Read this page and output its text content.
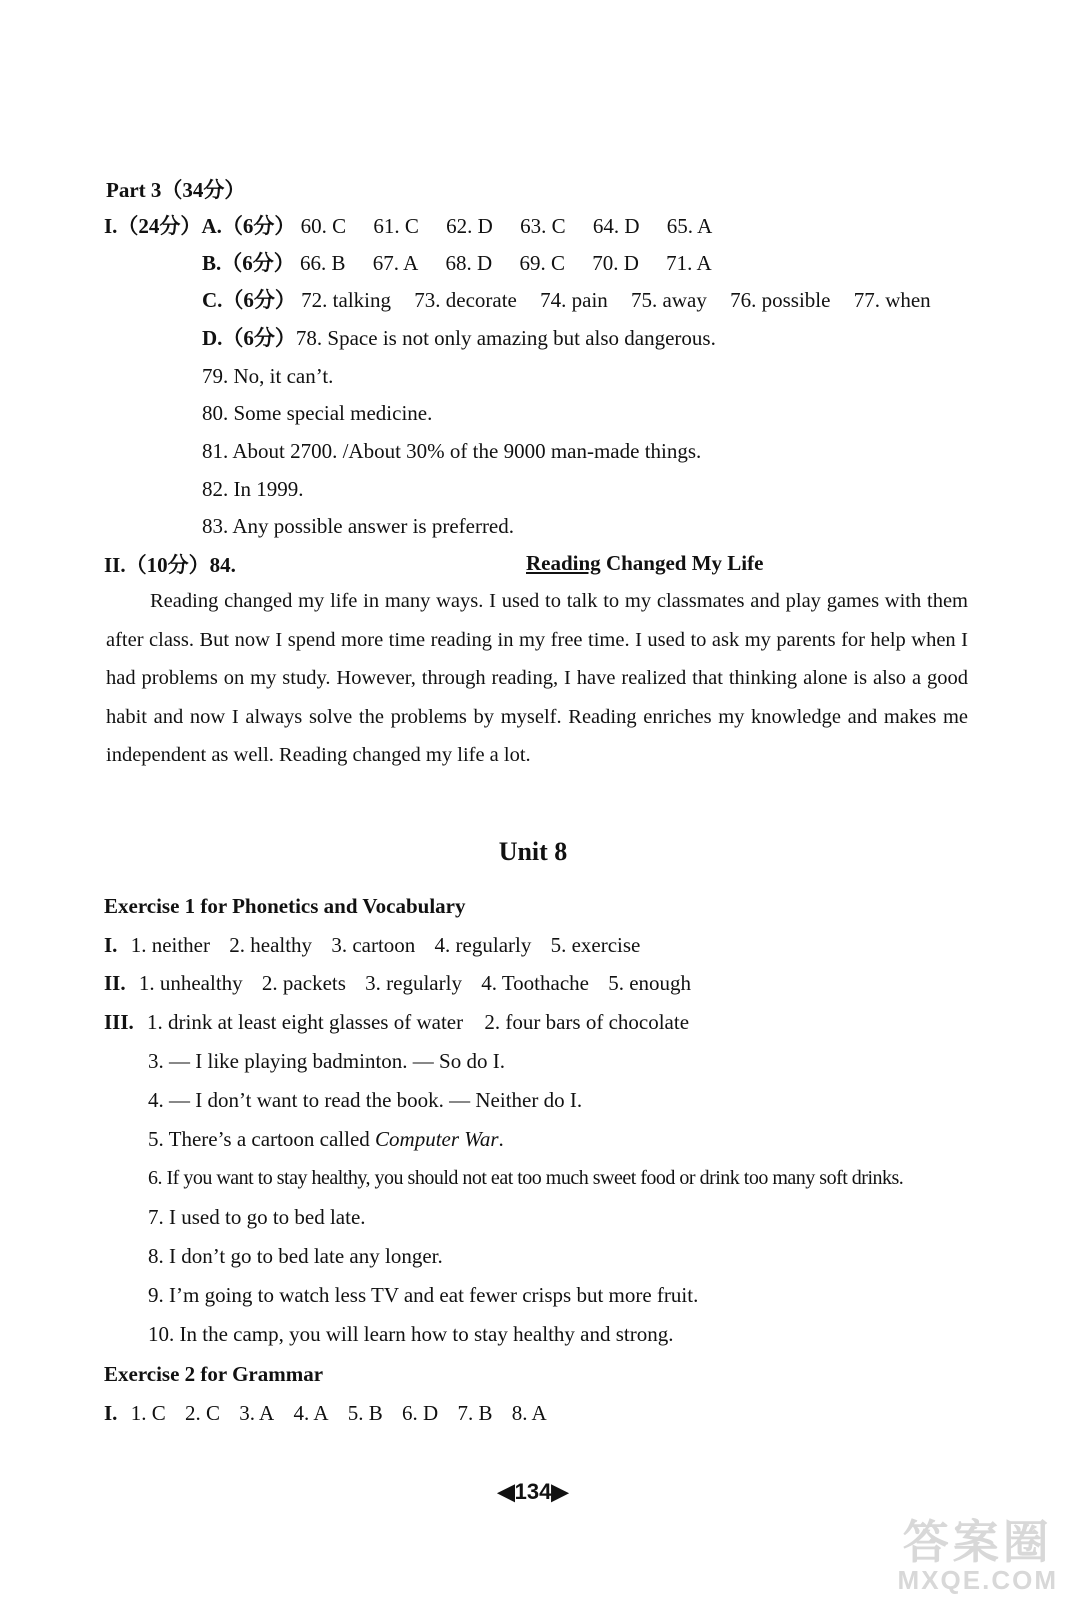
Part 3（34分）
I.（24分）A.（6分） 60. C 61. C 62. D 63. C 64. D 65. A
B.（6分） 66. B 67. A 68. D 69. C 70. D 71. A
C.（6分） 72. talking 73. decorate 74. pain 75. away 76. possible 77. when
D.（6分）78. Space is not only amazing but also dangerous.
79. No, it can’t.
80. Some special medicine.
81. About 2700. /About 30% of the 9000 man-made things.
82. In 1999.
83. Any possible answer is preferred.
II.（10分）84.	Reading Changed My Life
Reading changed my life in many ways. I used to talk to my classmates and play games with them after class. But now I spend more time reading in my free time. I used to ask my parents for help when I had problems on my study. However, through reading, I have realized that thinking alone is also a good habit and now I always solve the problems by myself. Reading enriches my knowledge and makes me independent as well. Reading changed my life a lot.
Unit 8
Exercise 1 for Phonetics and Vocabulary
I. 1. neither 2. healthy 3. cartoon 4. regularly 5. exercise
II. 1. unhealthy 2. packets 3. regularly 4. Toothache 5. enough
III. 1. drink at least eight glasses of water 2. four bars of chocolate
3. — I like playing badminton. — So do I.
4. — I don’t want to read the book. — Neither do I.
5. There’s a cartoon called Computer War.
6. If you want to stay healthy, you should not eat too much sweet food or drink too many soft drinks.
7. I used to go to bed late.
8. I don’t go to bed late any longer.
9. I’m going to watch less TV and eat fewer crisps but more fruit.
10. In the camp, you will learn how to stay healthy and strong.
Exercise 2 for Grammar
I. 1. C 2. C 3. A 4. A 5. B 6. D 7. B 8. A
◀134▶
答案圈
MXQE.COM
